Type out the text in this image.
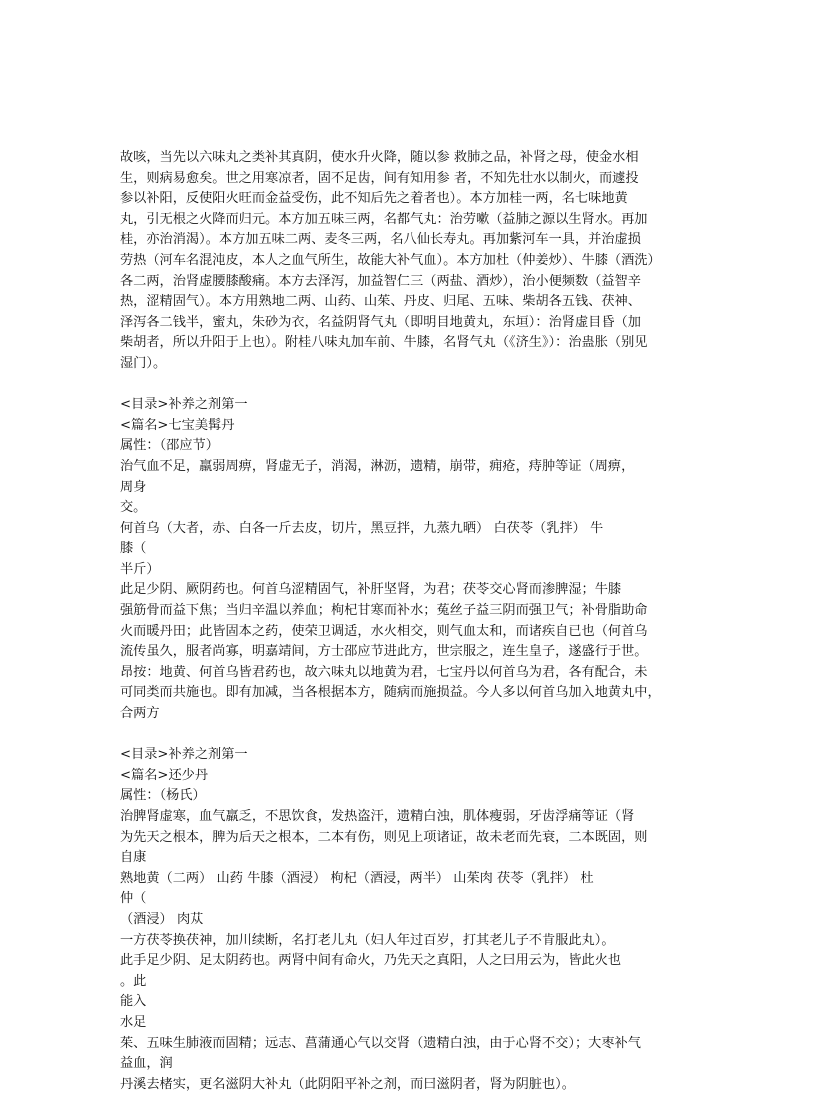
故咳，当先以六味丸之类补其真阴，使水升火降，随以参 救肺之品，补肾之母，使金水相
生，则病易愈矣。世之用寒凉者，固不足齿，间有知用参 者，不知先壮水以制火，而遽投
参以补阳，反使阳火旺而金益受伤，此不知后先之着者也）。本方加桂一两，名七味地黄
丸，引无根之火降而归元。本方加五味三两，名都气丸：治劳嗽（益肺之源以生肾水。再加
桂，亦治消渴）。本方加五味二两、麦冬三两，名八仙长寿丸。再加紫河车一具，并治虚损
劳热（河车名混沌皮，本人之血气所生，故能大补气血）。本方加杜（仲姜炒）、牛膝（酒洗）
各二两，治肾虚腰膝酸痛。本方去泽泻，加益智仁三（两盐、酒炒），治小便频数（益智辛
热，涩精固气）。本方用熟地二两、山药、山茱、丹皮、归尾、五味、柴胡各五钱、茯神、
泽泻各二钱半，蜜丸，朱砂为衣，名益阴肾气丸（即明目地黄丸，东垣）：治肾虚目昏（加
柴胡者，所以升阳于上也）。附桂八味丸加车前、牛膝，名肾气丸（《济生》）：治蛊胀（别见
湿门）。
<目录>补养之剂第一
<篇名>七宝美髯丹
属性：（邵应节）
治气血不足，羸弱周痹，肾虚无子，消渴，淋沥，遗精，崩带，痈疮，痔肿等证（周痹，
周身
交。
何首乌（大者，赤、白各一斤去皮，切片，黑豆拌，九蒸九晒） 白茯苓（乳拌） 牛
膝（
半斤）
此足少阴、厥阴药也。何首乌涩精固气，补肝坚肾，为君；茯苓交心肾而渗脾湿；牛膝
强筋骨而益下焦；当归辛温以养血；枸杞甘寒而补水；菟丝子益三阴而强卫气；补骨脂助命
火而暖丹田；此皆固本之药，使荣卫调适，水火相交，则气血太和，而诸疾自已也（何首乌
流传虽久，服者尚寡，明嘉靖间，方士邵应节进此方，世宗服之，连生皇子，遂盛行于世。
昂按：地黄、何首乌皆君药也，故六味丸以地黄为君，七宝丹以何首乌为君，各有配合，未
可同类而共施也。即有加减，当各根据本方，随病而施损益。今人多以何首乌加入地黄丸中，
合两方
<目录>补养之剂第一
<篇名>还少丹
属性：（杨氏）
治脾肾虚寒，血气羸乏，不思饮食，发热盗汗，遗精白浊，肌体瘦弱，牙齿浮痛等证（肾
为先天之根本，脾为后天之根本，二本有伤，则见上项诸证，故未老而先衰，二本既固，则
自康
熟地黄（二两） 山药 牛膝（酒浸） 枸杞（酒浸，两半） 山茱肉 茯苓（乳拌） 杜
仲（
（酒浸） 肉苁
一方茯苓换茯神，加川续断，名打老儿丸（妇人年过百岁，打其老儿子不肯服此丸）。
此手足少阴、足太阴药也。两肾中间有命火，乃先天之真阳，人之曰用云为，皆此火也
。此
能入
水足
茱、五味生肺液而固精；远志、菖蒲通心气以交肾（遗精白浊，由于心肾不交）；大枣补气
益血，润
丹溪去楮实，更名滋阴大补丸（此阴阳平补之剂，而曰滋阴者，肾为阴脏也）。
